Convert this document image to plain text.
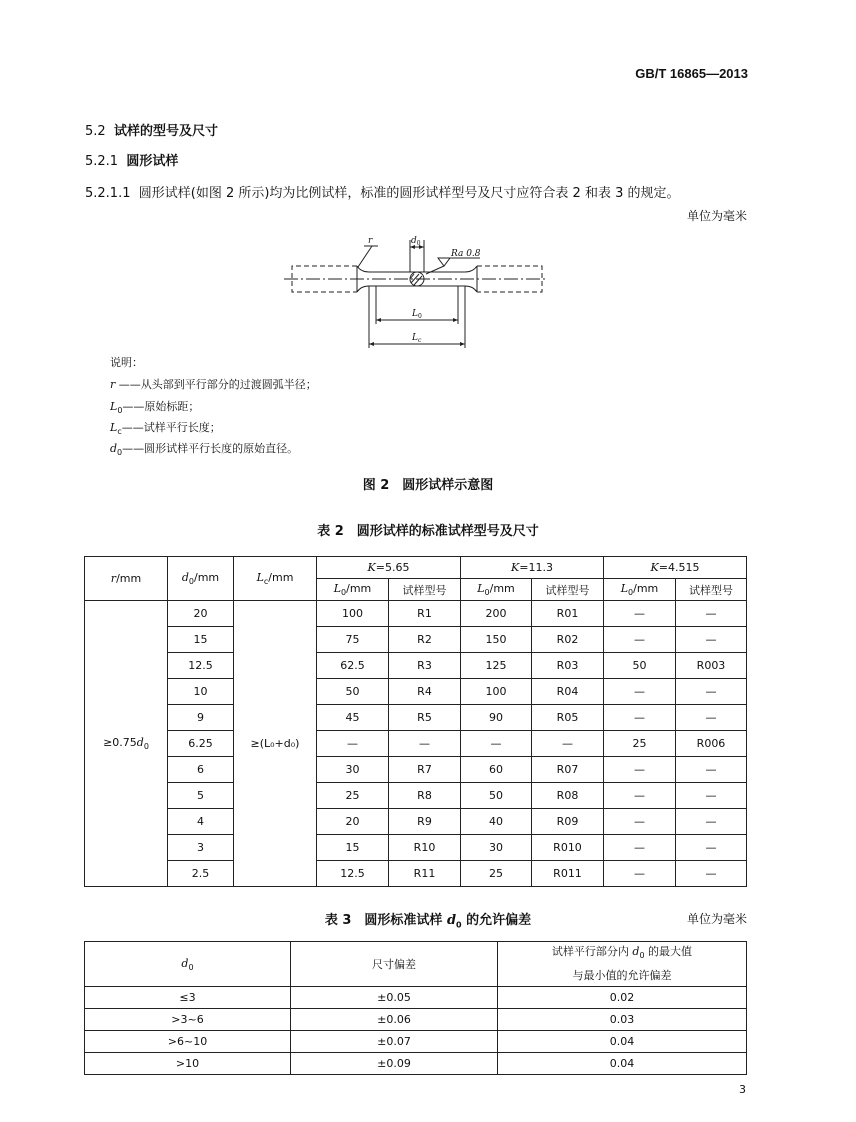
GB/T 16865—2013
5.2 试样的型号及尺寸
5.2.1 圆形试样
5.2.1.1 圆形试样(如图 2 所示)均为比例试样，标准的圆形试样型号及尺寸应符合表 2 和表 3 的规定。
单位为毫米
r	$d_0$
Ra 0.8
$L_0$
$L_c$
说明：
r ——从头部到平行部分的过渡圆弧半径；
$L_0——$原始标距；
$L_c——$试样平行长度；
$d_0——$圆形试样平行长度的原始直径。
图 2　圆形试样示意图
表 2　圆形试样的标准试样型号及尺寸
r/mm	$d_0/mm$	$L_c/mm$	K=5.65		K=11.3		K=4.515	
			$L_0/mm$	试样型号	$L_0/mm$	试样型号	$L_0/mm$	试样型号
$\ge 0.75d_0$	20	≥(L₀+d₀)	100	R1	200	R01	—	—
	15		75	R2	150	R02	—	—
	12.5		62.5	R3	125	R03	50	R003
	10		50	R4	100	R04	—	—
	9		45	R5	90	R05	—	—
	6.25		—	—	—	—	25	R006
	6		30	R7	60	R07	—	—
	5		25	R8	50	R08	—	—
	4		20	R9	40	R09	—	—
	3		15	R10	30	R010	—	—
	2.5		12.5	R11	25	R011	—	—
表 3　圆形标准试样 $d_0$ 的允许偏差	单位为毫米
$d_0$	尺寸偏差	试样平行部分内 $d_0$ 的最大值
与最小值的允许偏差
≤3	±0.05	0.02
>3~6	±0.06	0.03
>6~10	±0.07	0.04
>10	±0.09	0.04
3
